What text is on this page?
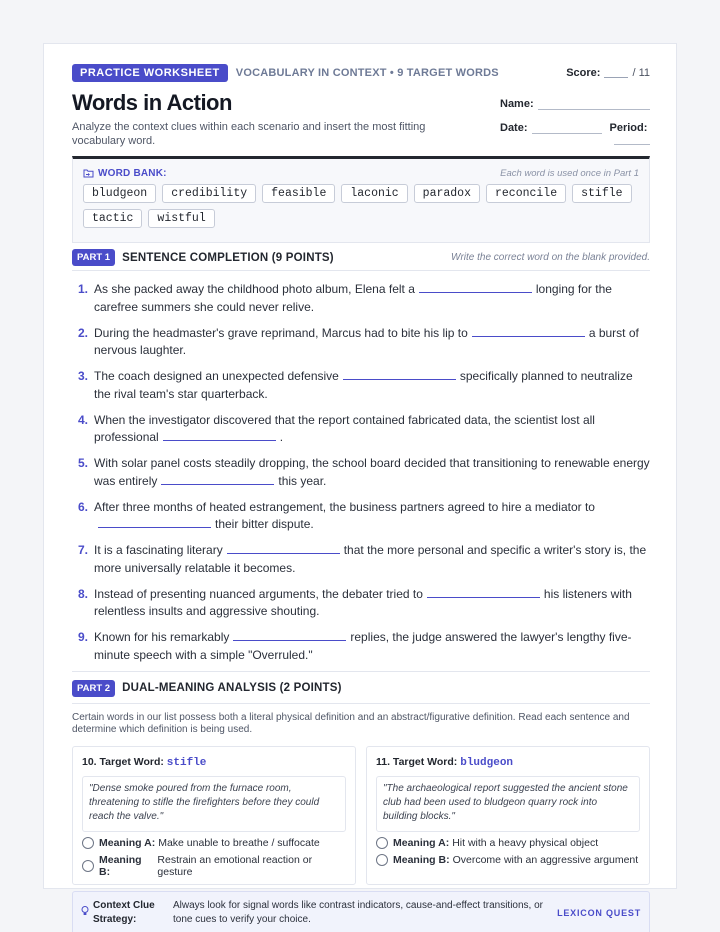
PRACTICE WORKSHEET	VOCABULARY IN CONTEXT • 9 TARGET WORDS	Score:	/ 11
Words in Action
Analyze the context clues within each scenario and insert the most fitting vocabulary word.
Name:
Date:	Period:
WORD BANK:	Each word is used once in Part 1
bludgeon	credibility	feasible	laconic	paradox	reconcile	stifle
tactic	wistful
PART 1	SENTENCE COMPLETION (9 POINTS)	Write the correct word on the blank provided.
1. As she packed away the childhood photo album, Elena felt a	longing for the carefree summers she could never relive.
2. During the headmaster's grave reprimand, Marcus had to bite his lip to	a burst of nervous laughter.
3. The coach designed an unexpected defensive	specifically planned to neutralize the rival team's star quarterback.
4. When the investigator discovered that the report contained fabricated data, the scientist lost all professional	.
5. With solar panel costs steadily dropping, the school board decided that transitioning to renewable energy was entirely	this year.
6. After three months of heated estrangement, the business partners agreed to hire a mediator totheir bitter dispute.
7. It is a fascinating literary	that the more personal and specific a writer's story is, the more universally relatable it becomes.
8. Instead of presenting nuanced arguments, the debater tried to	his listeners with relentless insults and aggressive shouting.
9. Known for his remarkably	replies, the judge answered the lawyer's lengthy five-minute speech with a simple "Overruled."
PART 2	DUAL-MEANING ANALYSIS (2 POINTS)
Certain words in our list possess both a literal physical definition and an abstract/figurative definition. Read each sentence and determine which definition is being used.
10. Target Word: stifle
"Dense smoke poured from the furnace room, threatening to stifle the firefighters before they could reach the valve."
Meaning A: Make unable to breathe / suffocate
Meaning B:
Restrain an emotional reaction or gesture
11. Target Word: bludgeon
"The archaeological report suggested the ancient stone club had been used to bludgeon quarry rock into building blocks."
Meaning A: Hit with a heavy physical object
Meaning B: Overcome with an aggressive argument
Context Clue Strategy:
Always look for signal words like contrast indicators, cause-and-effect transitions, or tone cues to verify your choice.
LEXICON QUEST
